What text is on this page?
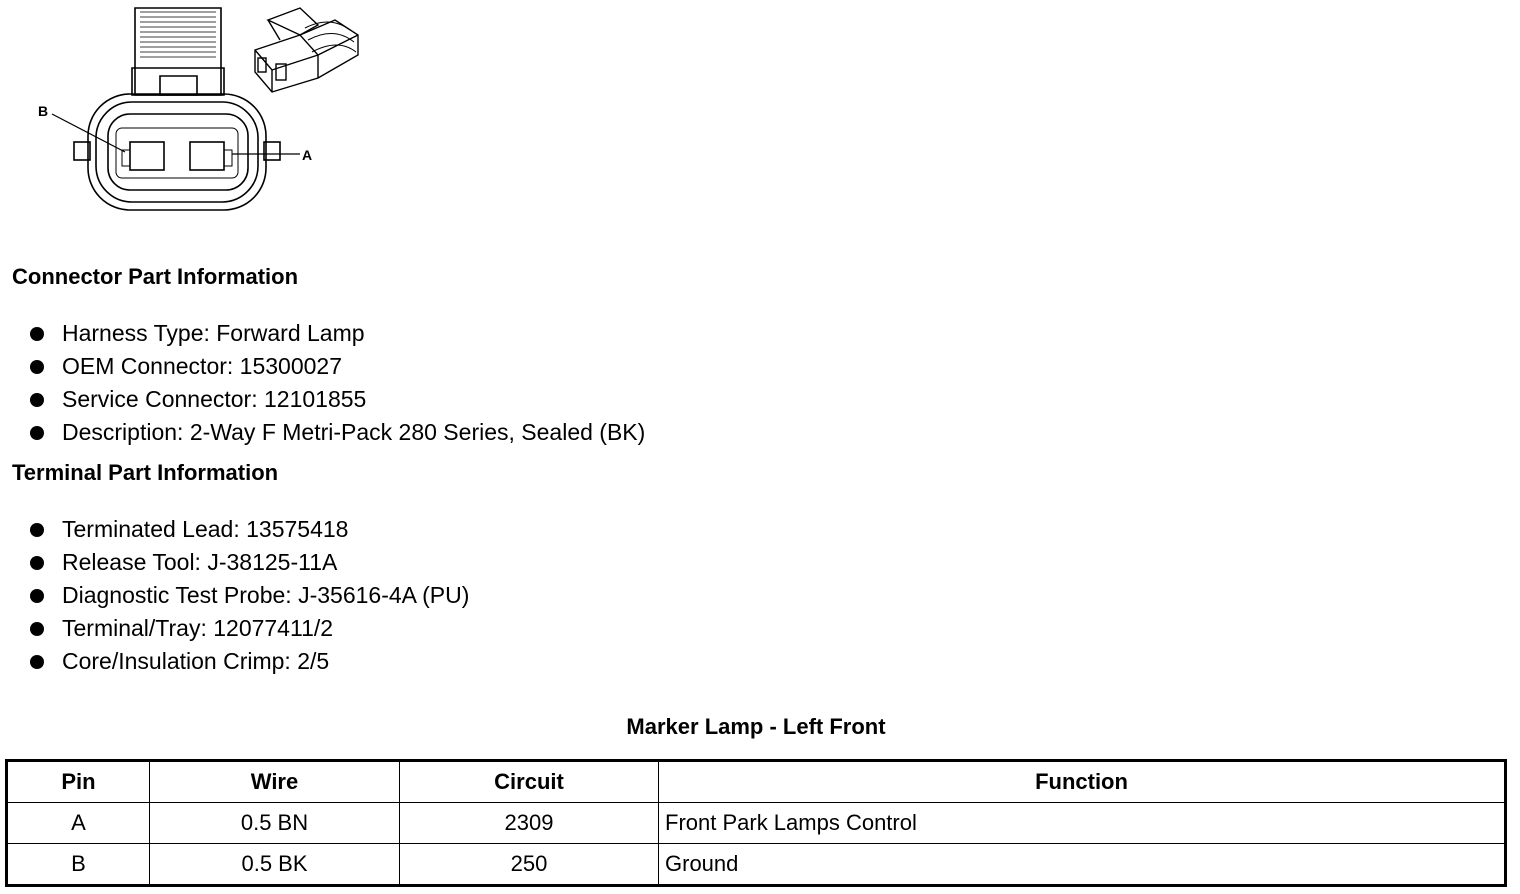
B
A
Connector Part Information
Harness Type: Forward Lamp
OEM Connector: 15300027
Service Connector: 12101855
Description: 2-Way F Metri-Pack 280 Series, Sealed (BK)
Terminal Part Information
Terminated Lead: 13575418
Release Tool: J-38125-11A
Diagnostic Test Probe: J-35616-4A (PU)
Terminal/Tray: 12077411/2
Core/Insulation Crimp: 2/5
Marker Lamp - Left Front
Pin	Wire	Circuit	Function
A	0.5 BN	2309	Front Park Lamps Control
B	0.5 BK	250	Ground
